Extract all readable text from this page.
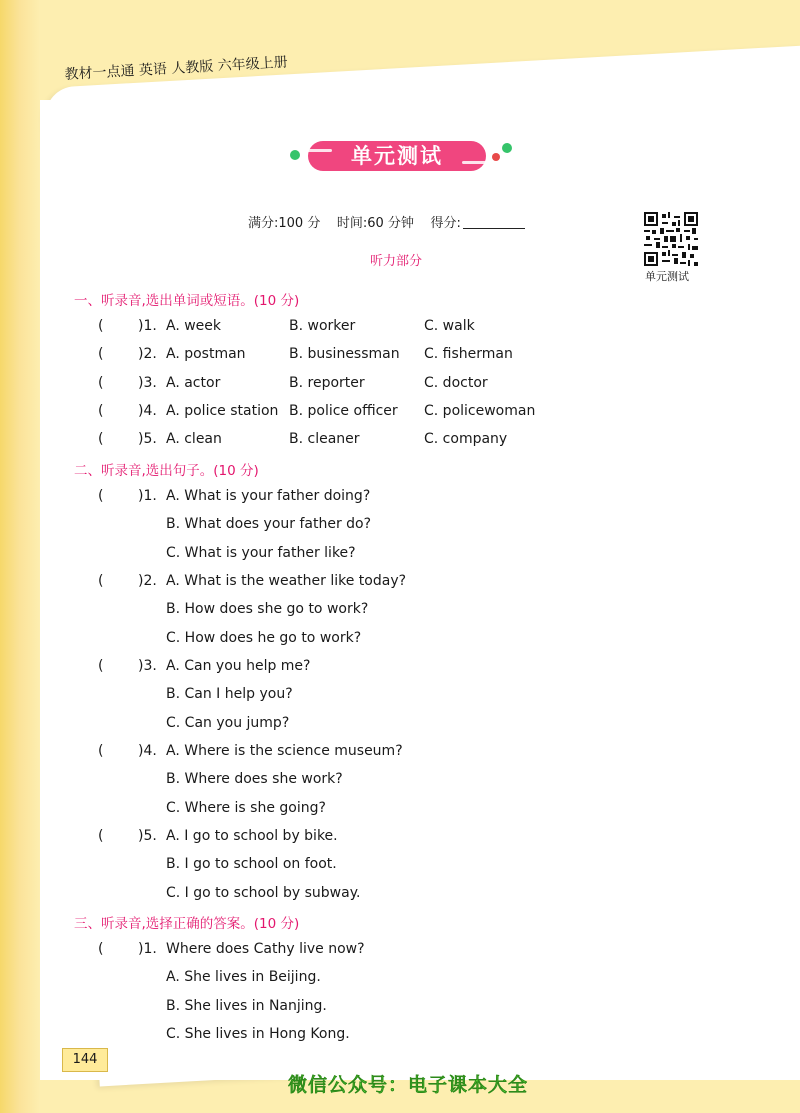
教材一点通 英语 人教版 六年级上册
单元测试
满分:100 分 时间:60 分钟 得分:
单元测试
听力部分
一、听录音,选出单词或短语。(10 分)
( )1. A. week	B. worker	C. walk
( )2. A. postman	B. businessman C. fisherman
( )3. A. actor	B. reporter	C. doctor
( )4. A. police station B. police officer C. policewoman
( )5. A. clean	B. cleaner	C. company
二、听录音,选出句子。(10 分)
( )1. A. What is your father doing?
B. What does your father do?
C. What is your father like?
( )2. A. What is the weather like today?
B. How does she go to work?
C. How does he go to work?
( )3. A. Can you help me?
B. Can I help you?
C. Can you jump?
( )4. A. Where is the science museum?
B. Where does she work?
C. Where is she going?
( )5. A. I go to school by bike.
B. I go to school on foot.
C. I go to school by subway.
三、听录音,选择正确的答案。(10 分)
( )1. Where does Cathy live now?
A. She lives in Beijing.
B. She lives in Nanjing.
C. She lives in Hong Kong.
144
微信公众号：电子课本大全
